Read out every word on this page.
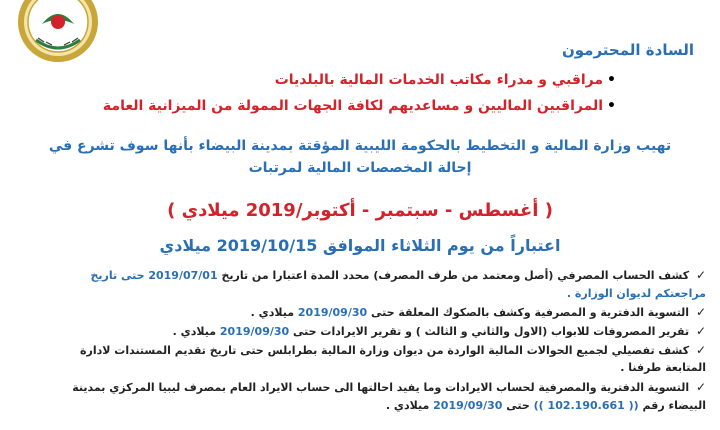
السادة المحترمون
•مراقبي و مدراء مكاتب الخدمات المالية بالبلديات
•المراقبين الماليين و مساعديهم لكافة الجهات الممولة من الميزانية العامة
تهيب وزارة المالية و التخطيط بالحكومة الليبية المؤقتة بمدينة البيضاء بأنها سوف تشرع في
إحالة المخصصات المالية لمرتبات
( أغسطس - سبتمبر - أكتوبر/2019 ميلادي )
اعتباراً من يوم الثلاثاء الموافق 2019/10/15 ميلادي
✓ كشف الحساب المصرفي (أصل ومعتمد من طرف المصرف) محدد المدة اعتبارا من تاريخ 2019/07/01 حتى تاريخ
مراجعتكم لديوان الوزارة .
✓ التسوية الدفترية و المصرفية وكشف بالصكوك المعلقة حتى 2019/09/30 ميلادي .
✓ تقرير المصروفات للابواب (الاول والثاني و الثالث ) و تقرير الايرادات حتى 2019/09/30 ميلادي .
✓ كشف تفصيلي لجميع الحوالات المالية الواردة من ديوان وزارة المالية بطرابلس حتى تاريخ تقديم المستندات لادارة
المتابعة طرفنا .
✓ التسوية الدفترية والمصرفية لحساب الايرادات وما يفيد احالتها الى حساب الايراد العام بمصرف ليبيا المركزي بمدينة
البيضاء رقم (( 102.190.661 )) حتى 2019/09/30 ميلادي .
